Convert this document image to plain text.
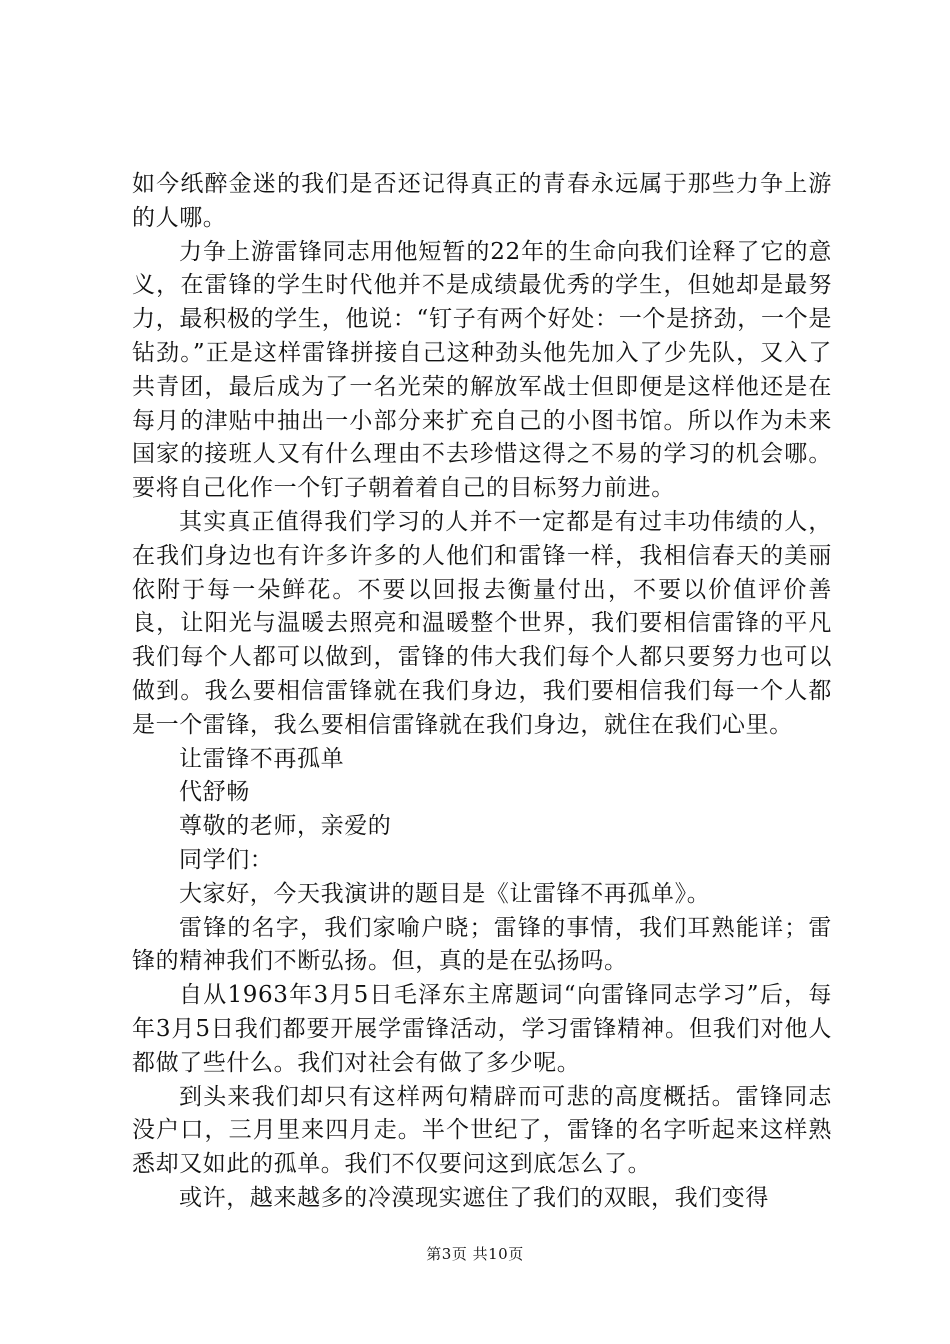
如今纸醉金迷的我们是否还记得真正的青春永远属于那些力争上游的人哪。

力争上游雷锋同志用他短暂的22年的生命向我们诠释了它的意义，在雷锋的学生时代他并不是成绩最优秀的学生，但她却是最努力，最积极的学生，他说：“钉子有两个好处：一个是挤劲，一个是钻劲。”正是这样雷锋拼接自己这种劲头他先加入了少先队，又入了共青团，最后成为了一名光荣的解放军战士但即便是这样他还是在每月的津贴中抽出一小部分来扩充自己的小图书馆。所以作为未来国家的接班人又有什么理由不去珍惜这得之不易的学习的机会哪。要将自己化作一个钉子朝着着自己的目标努力前进。

其实真正值得我们学习的人并不一定都是有过丰功伟绩的人，在我们身边也有许多许多的人他们和雷锋一样，我相信春天的美丽依附于每一朵鲜花。不要以回报去衡量付出，不要以价值评价善良，让阳光与温暖去照亮和温暖整个世界，我们要相信雷锋的平凡我们每个人都可以做到，雷锋的伟大我们每个人都只要努力也可以做到。我么要相信雷锋就在我们身边，我们要相信我们每一个人都是一个雷锋，我么要相信雷锋就在我们身边，就住在我们心里。

让雷锋不再孤单

代舒畅

尊敬的老师，亲爱的

同学们：

大家好，今天我演讲的题目是《让雷锋不再孤单》。

雷锋的名字，我们家喻户晓；雷锋的事情，我们耳熟能详；雷锋的精神我们不断弘扬。但，真的是在弘扬吗。

自从1963年3月5日毛泽东主席题词“向雷锋同志学习”后，每年3月5日我们都要开展学雷锋活动，学习雷锋精神。但我们对他人都做了些什么。我们对社会有做了多少呢。

到头来我们却只有这样两句精辟而可悲的高度概括。雷锋同志没户口，三月里来四月走。半个世纪了，雷锋的名字听起来这样熟悉却又如此的孤单。我们不仅要问这到底怎么了。

或许，越来越多的冷漠现实遮住了我们的双眼，我们变得

第3页 共10页
